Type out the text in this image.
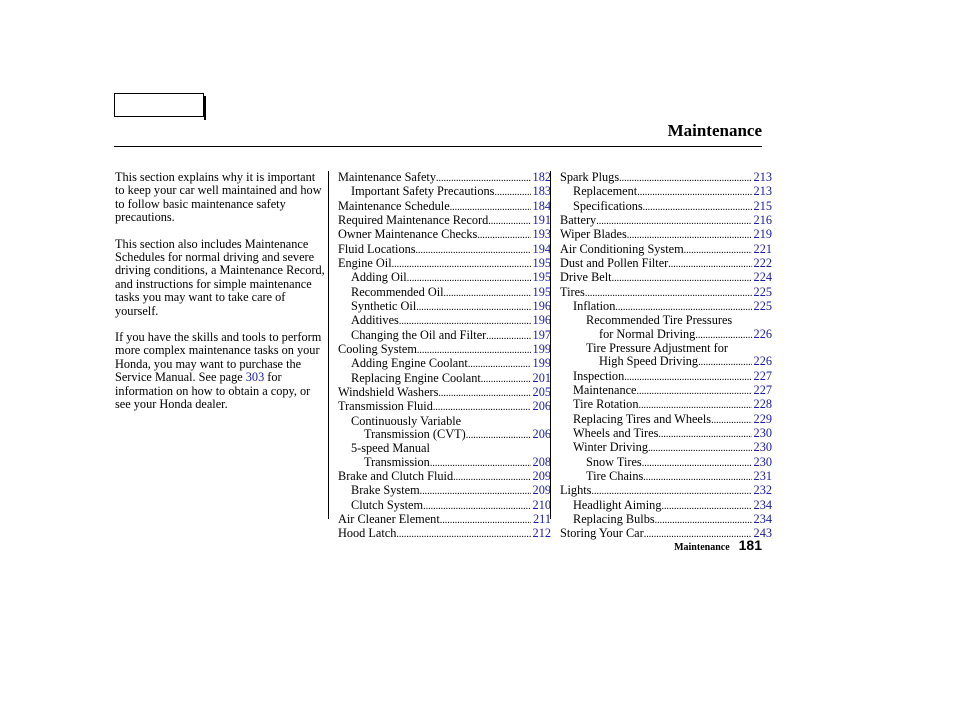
Maintenance

This section explains why it is important to keep your car well maintained and how to follow basic maintenance safety precautions.

This section also includes Maintenance Schedules for normal driving and severe driving conditions, a Maintenance Record, and instructions for simple maintenance tasks you may want to take care of yourself.

If you have the skills and tools to perform more complex maintenance tasks on your Honda, you may want to purchase the Service Manual. See page 303 for information on how to obtain a copy, or see your Honda dealer.

Maintenance Safety .....	182
Important Safety Precautions .....	183
Maintenance Schedule .....	184
Required Maintenance Record .....	191
Owner Maintenance Checks .....	193
Fluid Locations .....	194
Engine Oil .....	195
Adding Oil .....	195
Recommended Oil .....	195
Synthetic Oil .....	196
Additives .....	196
Changing the Oil and Filter .....	197
Cooling System .....	199
Adding Engine Coolant .....	199
Replacing Engine Coolant .....	201
Windshield Washers .....	205
Transmission Fluid .....	206
Continuously Variable
Transmission (CVT) .....	206
5-speed Manual
Transmission .....	208
Brake and Clutch Fluid .....	209
Brake System .....	209
Clutch System .....	210
Air Cleaner Element .....	211
Hood Latch .....	212
Spark Plugs .....	213
Replacement .....	213
Specifications .....	215
Battery .....	216
Wiper Blades .....	219
Air Conditioning System .....	221
Dust and Pollen Filter .....	222
Drive Belt .....	224
Tires .....	225
Inflation .....	225
Recommended Tire Pressures
for Normal Driving .....	226
Tire Pressure Adjustment for
High Speed Driving .....	226
Inspection .....	227
Maintenance .....	227
Tire Rotation .....	228
Replacing Tires and Wheels .....	229
Wheels and Tires .....	230
Winter Driving .....	230
Snow Tires .....	230
Tire Chains .....	231
Lights .....	232
Headlight Aiming .....	234
Replacing Bulbs .....	234
Storing Your Car .....	243
Maintenance 181
